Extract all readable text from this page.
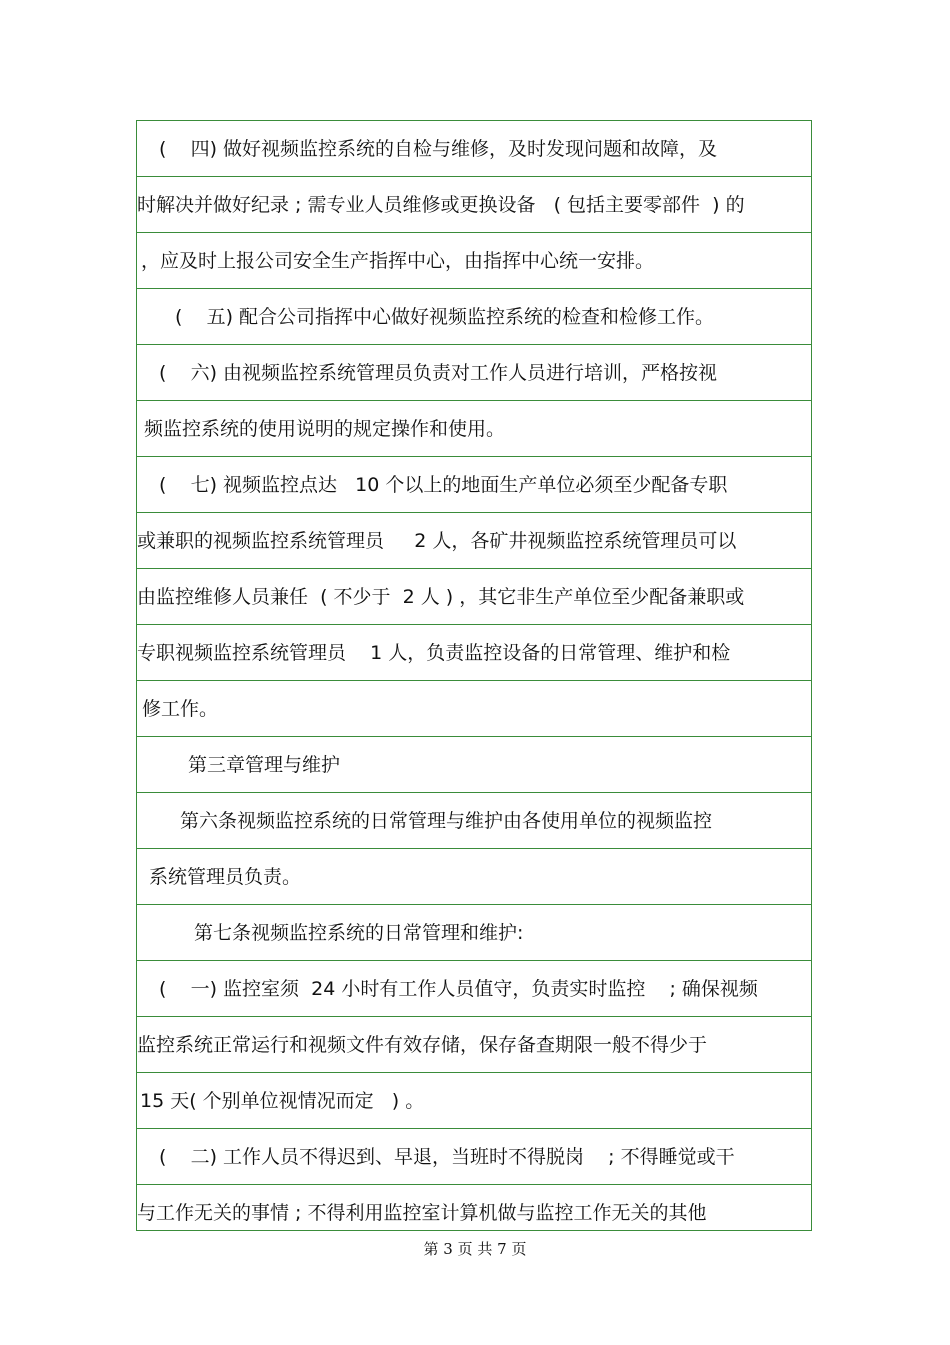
(    四) 做好视频监控系统的自检与维修，及时发现问题和故障，及
时解决并做好纪录 ; 需专业人员维修或更换设备   ( 包括主要零部件  ) 的
，应及时上报公司安全生产指挥中心，由指挥中心统一安排。
(    五) 配合公司指挥中心做好视频监控系统的检查和检修工作。
(    六) 由视频监控系统管理员负责对工作人员进行培训，严格按视
频监控系统的使用说明的规定操作和使用。
(    七) 视频监控点达   10 个以上的地面生产单位必须至少配备专职
或兼职的视频监控系统管理员     2 人，各矿井视频监控系统管理员可以
由监控维修人员兼任  ( 不少于  2 人 ) ，其它非生产单位至少配备兼职或
专职视频监控系统管理员    1 人，负责监控设备的日常管理、维护和检
修工作。
第三章管理与维护
第六条视频监控系统的日常管理与维护由各使用单位的视频监控
系统管理员负责。
第七条视频监控系统的日常管理和维护:
(    一) 监控室须  24 小时有工作人员值守，负责实时监控    ; 确保视频
监控系统正常运行和视频文件有效存储，保存备查期限一般不得少于
15 天( 个别单位视情况而定   ) 。
(    二) 工作人员不得迟到、早退，当班时不得脱岗    ; 不得睡觉或干
与工作无关的事情 ; 不得利用监控室计算机做与监控工作无关的其他
第 3 页 共 7 页
